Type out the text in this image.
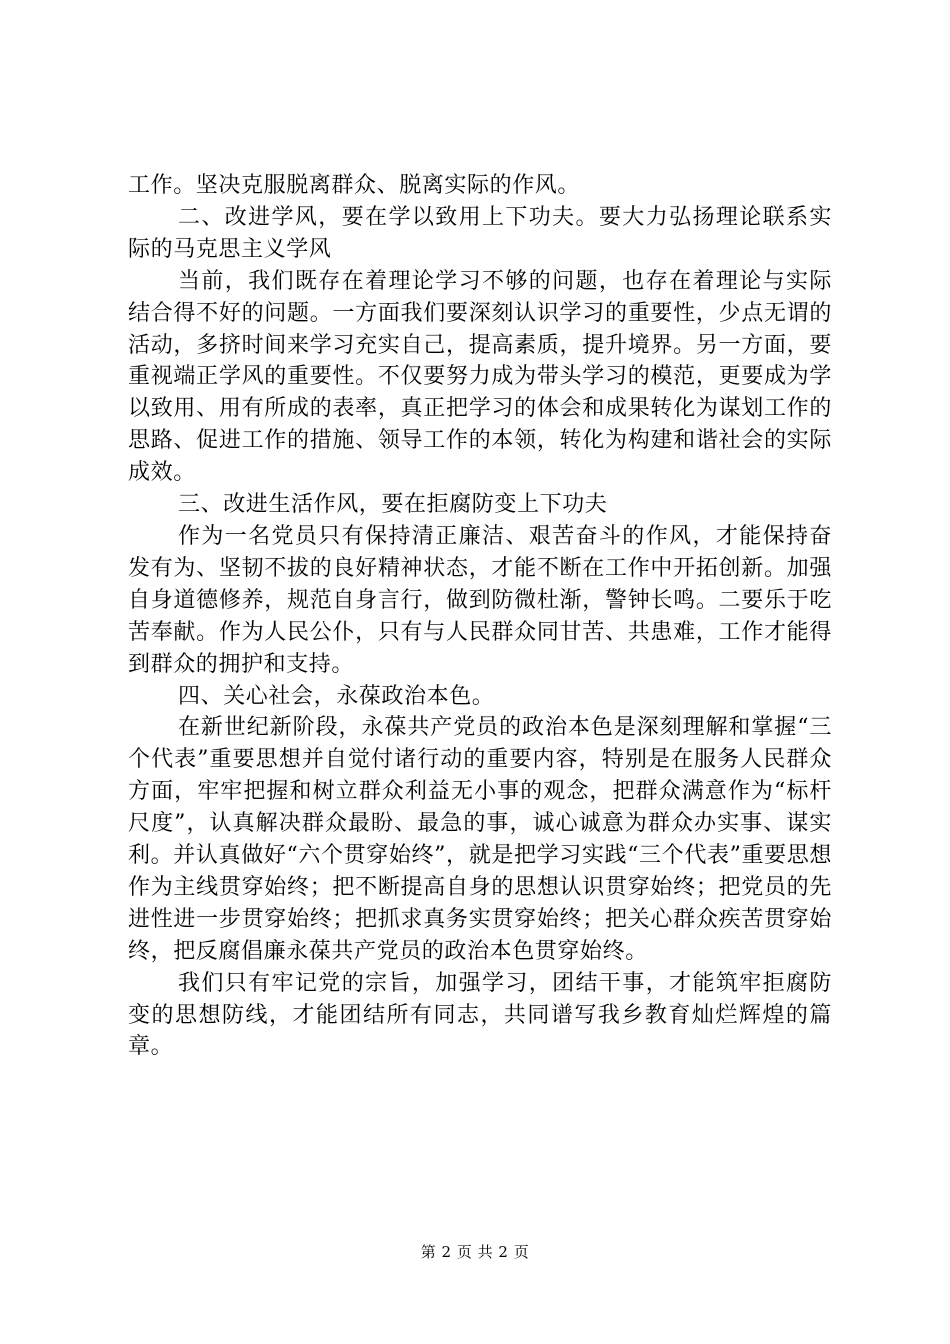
工作。坚决克服脱离群众、脱离实际的作风。

二、改进学风，要在学以致用上下功夫。要大力弘扬理论联系实际的马克思主义学风

当前，我们既存在着理论学习不够的问题，也存在着理论与实际结合得不好的问题。一方面我们要深刻认识学习的重要性，少点无谓的活动，多挤时间来学习充实自己，提高素质，提升境界。另一方面，要重视端正学风的重要性。不仅要努力成为带头学习的模范，更要成为学以致用、用有所成的表率，真正把学习的体会和成果转化为谋划工作的思路、促进工作的措施、领导工作的本领，转化为构建和谐社会的实际成效。

三、改进生活作风，要在拒腐防变上下功夫

作为一名党员只有保持清正廉洁、艰苦奋斗的作风，才能保持奋发有为、坚韧不拔的良好精神状态，才能不断在工作中开拓创新。加强自身道德修养，规范自身言行，做到防微杜渐，警钟长鸣。二要乐于吃苦奉献。作为人民公仆，只有与人民群众同甘苦、共患难，工作才能得到群众的拥护和支持。

四、关心社会，永葆政治本色。

在新世纪新阶段，永葆共产党员的政治本色是深刻理解和掌握“三个代表”重要思想并自觉付诸行动的重要内容，特别是在服务人民群众方面，牢牢把握和树立群众利益无小事的观念，把群众满意作为“标杆尺度”，认真解决群众最盼、最急的事，诚心诚意为群众办实事、谋实利。并认真做好“六个贯穿始终”，就是把学习实践“三个代表”重要思想作为主线贯穿始终；把不断提高自身的思想认识贯穿始终；把党员的先进性进一步贯穿始终；把抓求真务实贯穿始终；把关心群众疾苦贯穿始终，把反腐倡廉永葆共产党员的政治本色贯穿始终。

我们只有牢记党的宗旨，加强学习，团结干事，才能筑牢拒腐防变的思想防线，才能团结所有同志，共同谱写我乡教育灿烂辉煌的篇章。

第 2 页 共 2 页
